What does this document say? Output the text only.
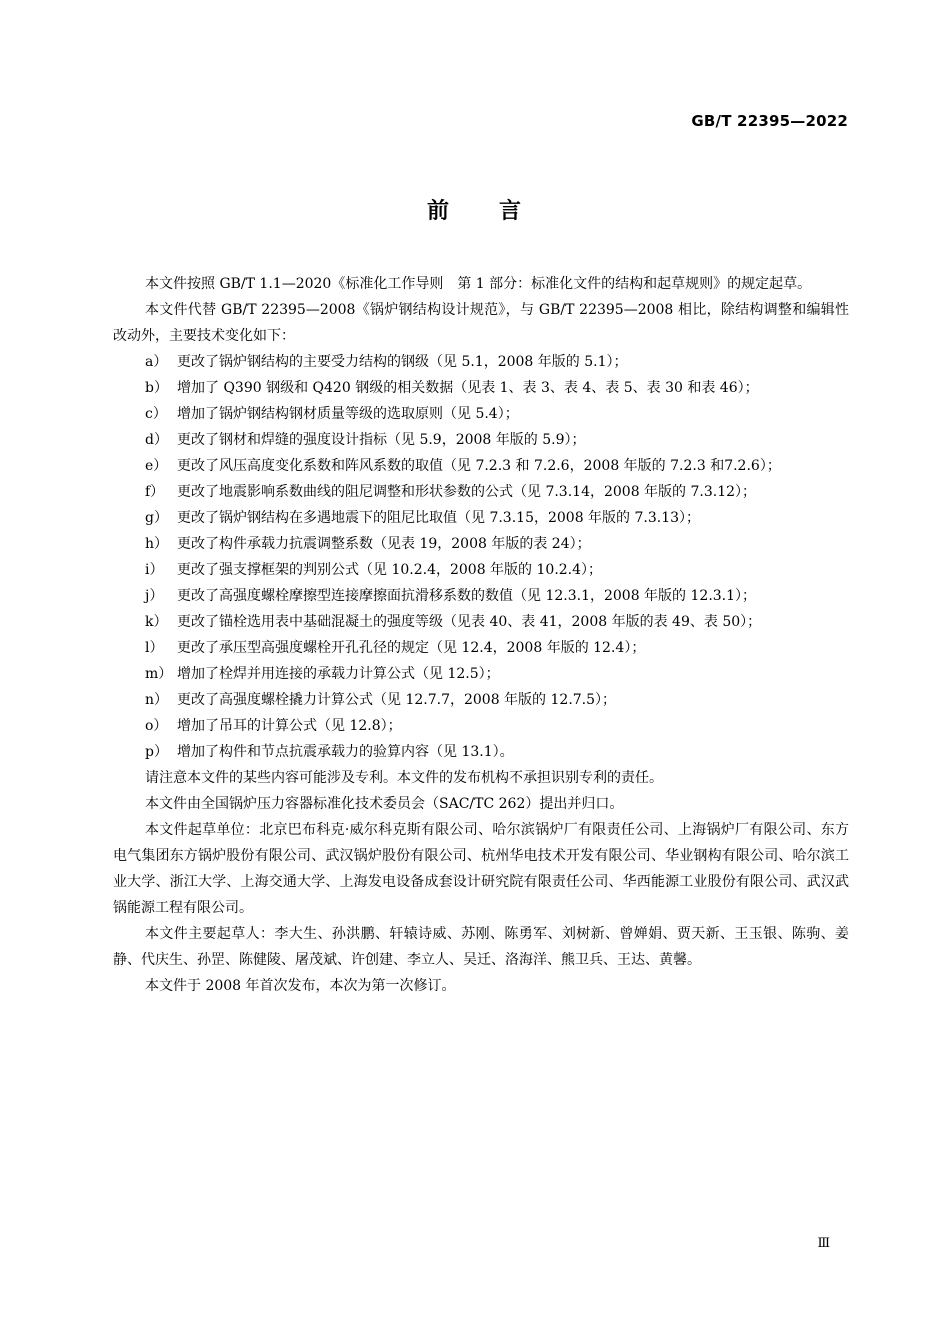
GB/T 22395—2022
前 言

本文件按照 GB/T 1.1—2020《标准化工作导则　第 1 部分：标准化文件的结构和起草规则》的规定起草。

本文件代替 GB/T 22395—2008《锅炉钢结构设计规范》，与 GB/T 22395—2008 相比，除结构调整和编辑性改动外，主要技术变化如下：

a） 更改了锅炉钢结构的主要受力结构的钢级（见 5.1，2008 年版的 5.1）；
b） 增加了 Q390 钢级和 Q420 钢级的相关数据（见表 1、表 3、表 4、表 5、表 30 和表 46）；
c） 增加了锅炉钢结构钢材质量等级的选取原则（见 5.4）；
d） 更改了钢材和焊缝的强度设计指标（见 5.9，2008 年版的 5.9）；
e） 更改了风压高度变化系数和阵风系数的取值（见 7.2.3 和 7.2.6，2008 年版的 7.2.3 和7.2.6）；
f） 更改了地震影响系数曲线的阻尼调整和形状参数的公式（见 7.3.14，2008 年版的 7.3.12）；
g） 更改了锅炉钢结构在多遇地震下的阻尼比取值（见 7.3.15，2008 年版的 7.3.13）；
h） 更改了构件承载力抗震调整系数（见表 19，2008 年版的表 24）；
i） 更改了强支撑框架的判别公式（见 10.2.4，2008 年版的 10.2.4）；
j） 更改了高强度螺栓摩擦型连接摩擦面抗滑移系数的数值（见 12.3.1，2008 年版的 12.3.1）；
k） 更改了锚栓选用表中基础混凝土的强度等级（见表 40、表 41，2008 年版的表 49、表 50）；
l） 更改了承压型高强度螺栓开孔孔径的规定（见 12.4，2008 年版的 12.4）；
m） 增加了栓焊并用连接的承载力计算公式（见 12.5）；
n） 更改了高强度螺栓撬力计算公式（见 12.7.7，2008 年版的 12.7.5）；
o） 增加了吊耳的计算公式（见 12.8）；
p） 增加了构件和节点抗震承载力的验算内容（见 13.1）。

请注意本文件的某些内容可能涉及专利。本文件的发布机构不承担识别专利的责任。

本文件由全国锅炉压力容器标准化技术委员会（SAC/TC 262）提出并归口。

本文件起草单位：北京巴布科克·威尔科克斯有限公司、哈尔滨锅炉厂有限责任公司、上海锅炉厂有限公司、东方电气集团东方锅炉股份有限公司、武汉锅炉股份有限公司、杭州华电技术开发有限公司、华业钢构有限公司、哈尔滨工业大学、浙江大学、上海交通大学、上海发电设备成套设计研究院有限责任公司、华西能源工业股份有限公司、武汉武锅能源工程有限公司。

本文件主要起草人：李大生、孙洪鹏、轩辕诗威、苏刚、陈勇军、刘树新、曾婵娟、贾天新、王玉银、陈驹、姜静、代庆生、孙罡、陈健陵、屠茂斌、许创建、李立人、吴迁、洛海洋、熊卫兵、王达、黄馨。

本文件于 2008 年首次发布，本次为第一次修订。

Ⅲ
